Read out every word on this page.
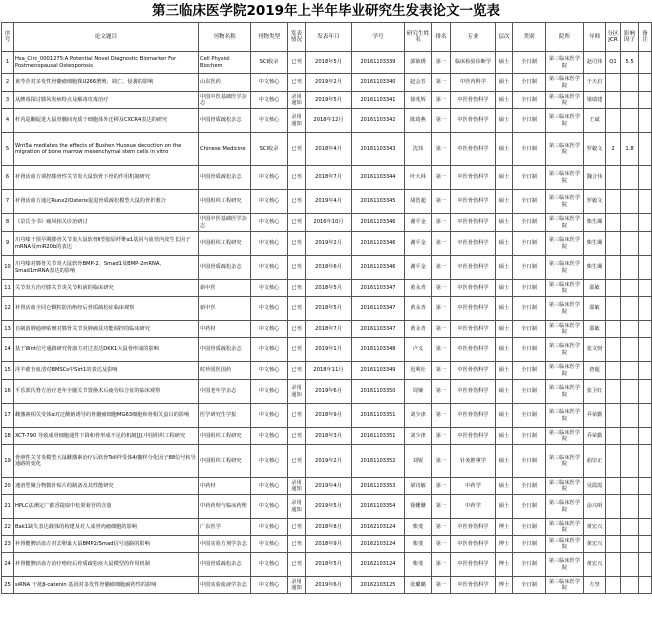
第三临床医学院2019年上半年毕业研究生发表论文一览表
序号	论文题目	刊物名称	刊物类型	发表情况	发表年月	学号	研究生姓名	排名	专业	层次	类别	院所	导师	分区JCR	影响因子	备注
1	Hsa_Circ_0001275:A Potential Novel Diagnostic Biomarker For Postmenopausal Osteoporosis	Cell Physiol Biochem	SCI收录	已刊	2018年5月	20161103339	郭筱绣	第一	临床检验诊断学	硕士	全日制	第三临床医学院	赵司伟	Q1	5.5	
2	黄芩苷对多发性骨髓瘤细胞株U266增殖、凋亡、侵袭的影响	山东医药	中文核心	已刊	2019年2月	20161103340	赵会芳	第一	中医内科学	硕士	全日制	第三临床医学院	于天启			
3	从脾毒探讨膝风发病特点及解毒攻毒治疗	中国中医基础医学杂志	中文核心	录用通知	2019年5月	20161103341	徐兆辉	第一	中医骨伤科学	硕士	全日制	第三临床医学院	梁瑞建			
4	杆芮巡酮促进大鼠骨髓间充质干细胞体外迁移及CXCR4表达的研究	中国骨质疏松杂志	中文核心	录用通知	2018年12月	20161103342	陈琦燕	第一	中医骨伤科学	硕士	全日制	第三临床医学院	王斌			
5	Wnt5a mediates the effects of Bushen Huoxue decoction on the migration of bone marrow mesenchymal stem cells in vitro	Chinese Medicine	SCI收录	已刊	2018年4月	20161103343	沈玮	第一	中医骨伤科学	硕士	全日制	第三临床医学院	罗毅文	2	1.8	
6	补肾活血方调控膝骨性关节炎大鼠软骨下骨的作用机制研究	中国骨质疏松杂志	中文核心	已刊	2018年7月	20161103344	叶大林	第一	中医骨伤科学	硕士	全日制	第三临床医学院	魏合伟			
7	补肾活血方通过Runx2/Osterix促进骨质疏松模型大鼠的骨折愈合	中国组织工程研究	中文核心	已刊	2019年4月	20161103345	胡浩超	第一	中医骨伤科学	硕士	全日制	第三临床医学院	罗毅文			
8	《景岳全书》痛风相关诊治研讨	中国中医基础医学杂志	中文核心	已刊	2016年10月	20161103346	谢平金	第一	中医骨伤科学	硕士	全日制	第三临床医学院	柴生颋			
9	川芎嗪干预早期膝骨关节炎大鼠软骨Ⅱ型胶原纤维α1基因与血管内皮生长因子mRNA及miR20b的表达	中国组织工程研究	中文核心	已刊	2019年2月	20161103346	谢平金	第一	中医骨伤科学	硕士	全日制	第三临床医学院	柴生颋			
10	川芎嗪对膝骨关节炎大鼠软骨BMP-2、Smad1及BMP-2mRNA、Smad1mRNA表达的影响	中国骨质疏松杂志	中文核心	已刊	2018年6月	20161103346	谢平金	第一	中医骨伤科学	硕士	全日制	第三临床医学院	柴生颋			
11	关节炎方治疗膝关节炎关节积液的临床研究	新中医	中文核心	已刊	2018年5月	20161103347	黄永青	第一	中医骨伤科学	硕士	全日制	第三临床医学院	邵敏			
12	补肾活血全同仑颗粒防治绝经后骨质疏松症临床观察	新中医	中文核心	已刊	2018年5月	20161103347	黄永青	第一	中医骨伤科学	硕士	全日制	第三临床医学院	邵敏			
13	自制消肿通痹贴膏对膝骨关节炎肿痛及功能调控的临床研究	中药材	中文核心	已刊	2018年7月	20161103347	黄永青	第一	中医骨伤科学	硕士	全日制	第三临床医学院	邵敏			
14	基于Wnt信号通路研究骨康方对过表达DKK1大鼠骨形成的影响	中国骨质疏松杂志	中文核心	已刊	2019年1月	20161103348	卢义	第一	中医骨伤科学	硕士	全日制	第三临床医学院	张文财			
15	淫羊藿苷血清对BMSCs中Sirt1的表达及影响	时珍国医国药	中文核心	已刊	2018年11月	20161103349	迟利壮	第一	中医骨伤科学	硕士	全日制	第三临床医学院	唐超			
16	平乐郭氏脊方治疗老年全髋关节置换术后疲劳综合征的临床观察	中国老年学杂志	中文核心	录用通知	2019年6月	20161103350	周镝	第一	中医骨伤科学	硕士	全日制	第三临床医学院	张卫红			
17	雌激素相关受体α对泛酸钠诱导的骨髓瘤细胞MG63细胞和骨相关蛋白的影响	医学研究生学报	中文核心	已刊	2018年9月	20161103351	刘少津	第一	中医骨伤科学	硕士	全日制	第三临床医学院	乔荣勤			
18	XCT-790 导致成骨细胞通性下降和骨形成不足的机制[J].中国组织工程研究	中国组织工程研究	中文核心	已刊	2018年3月	20161103351	刘少津	第一	中医骨伤科学	硕士	全日制	第三临床医学院	乔荣勤			
19	骨痹性关节炎模型大鼠雌激素治疗后软骨Toll样受体4/髓样分化因子88信号转导通路的变化	中国组织工程研究	中文核心	已刊	2019年2月	20161103352	刘锐	第一	针灸推拿学	硕士	全日制	第三临床医学院	曲崇正			
20	速溶型聚合物微针贴片的制备及其性能研究	中药材	中文核心	录用通知	2019年4月	20161103353	梁诗敏	第一	中药学	硕士	全日制	第三临床医学院	吴霞霞			
21	HPLC法测定广藿香提取中松果菊苷的含量	中药药理与临床药理	中文核心	录用通知	2019年5月	20161103354	徐姗姗	第一	中药学	硕士	全日制	第三临床医学院	涂兴明			
22	Bak1缺失表达载体的构建及对人成骨肉瘤细胞的影响	广东医学	中文核心	已刊	2018年8月	20162103124	柴斐	第一	中医骨伤科学	博士	全日制	第三临床医学院	黄宏兴			
23	补肾健脾活血方对去卵巢大鼠BMP2/Smad信号通路的影响	中国实验方剂学杂志	中文核心	已刊	2018年9月	20162103124	柴斐	第一	中医骨伤科学	博士	全日制	第三临床医学院	黄宏兴			
24	补肾健脾活血方治疗绝经后骨质疏松症大鼠模型的作用机制	中国骨质疏松杂志	中文核心	已刊	2018年5月	20162103124	柴斐	第一	中医骨伤科学	博士	全日制	第三临床医学院	黄宏兴			
25	siRNA 干扰β-catenin 基因对多发性骨髓瘤细胞耐药性的影响	中国实验血液学杂志	中文核心	录用通知	2019年6月	20162103125	张璐璐	第一	中医骨伤科学	博士	全日制	第三临床医学院	方坚			
